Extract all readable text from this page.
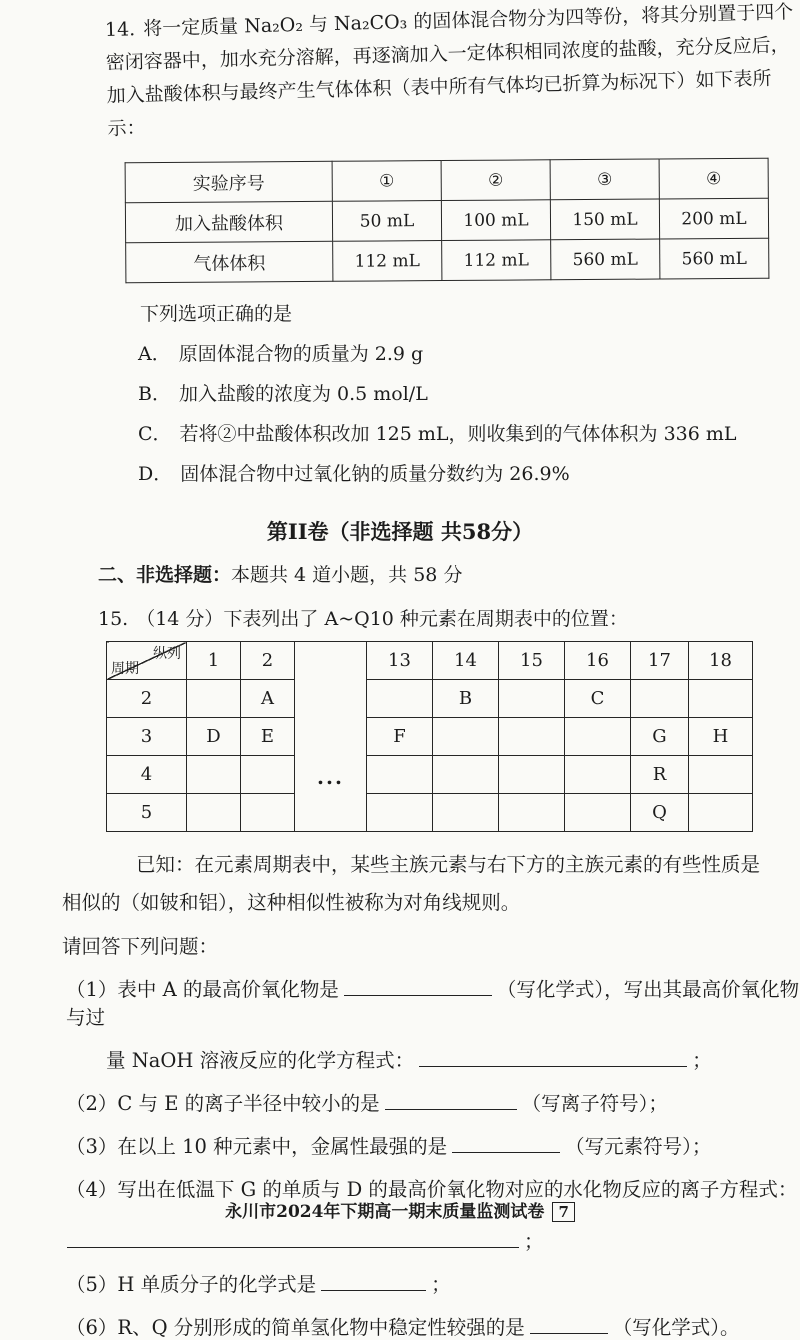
14. 将一定质量 Na₂O₂ 与 Na₂CO₃ 的固体混合物分为四等份，将其分别置于四个密闭容器中，加水充分溶解，再逐滴加入一定体积相同浓度的盐酸，充分反应后，加入盐酸体积与最终产生气体体积（表中所有气体均已折算为标况下）如下表所示：
实验序号	①	②	③	④
加入盐酸体积	50 mL	100 mL	150 mL	200 mL
气体体积	112 mL	112 mL	560 mL	560 mL
下列选项正确的是
A． 原固体混合物的质量为 2.9 g
B． 加入盐酸的浓度为 0.5 mol/L
C． 若将②中盐酸体积改加 125 mL，则收集到的气体体积为 336 mL
D． 固体混合物中过氧化钠的质量分数约为 26.9%
第II卷（非选择题 共58分）
二、非选择题：本题共 4 道小题，共 58 分
15. （14 分）下表列出了 A~Q10 种元素在周期表中的位置：
纵列
周期	1	2	...	13	14	15	16	17	18
2		A			B		C		
3	D	E		F				G	H
4								R	
5								Q	
已知：在元素周期表中，某些主族元素与右下方的主族元素的有些性质是相似的（如铍和铝），这种相似性被称为对角线规则。
请回答下列问题：
（1）表中 A 的最高价氧化物是	（写化学式），写出其最高价氧化物与过
量 NaOH 溶液反应的化学方程式：	；
（2）C 与 E 的离子半径中较小的是	（写离子符号）；
（3）在以上 10 种元素中，金属性最强的是	（写元素符号）；
（4）写出在低温下 G 的单质与 D 的最高价氧化物对应的水化物反应的离子方程式：
；
（5）H 单质分子的化学式是	；
（6）R、Q 分别形成的简单氢化物中稳定性较强的是	（写化学式）。
永川市2024年下期高一期末质量监测试卷 7
